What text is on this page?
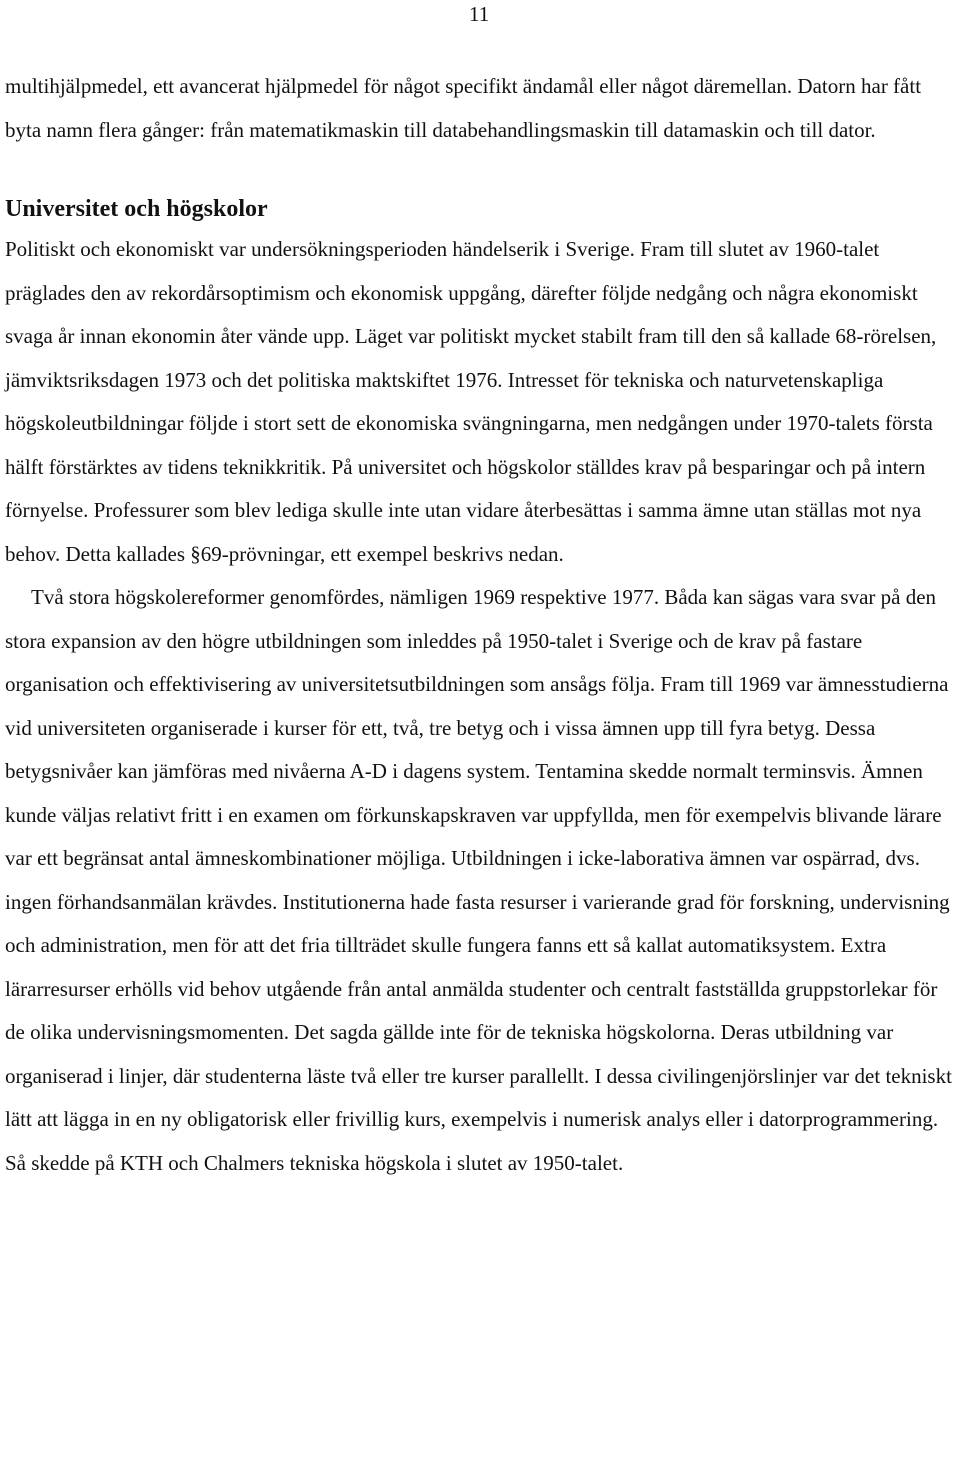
11

multihjälpmedel, ett avancerat hjälpmedel för något specifikt ändamål eller något däremellan. Datorn har fått byta namn flera gånger: från matematikmaskin till databehandlingsmaskin till datamaskin och till dator.

Universitet och högskolor

Politiskt och ekonomiskt var undersökningsperioden händelserik i Sverige. Fram till slutet av 1960-talet präglades den av rekordårsoptimism och ekonomisk uppgång, därefter följde nedgång och några ekonomiskt svaga år innan ekonomin åter vände upp. Läget var politiskt mycket stabilt fram till den så kallade 68-rörelsen, jämviktsriksdagen 1973 och det politiska maktskiftet 1976. Intresset för tekniska och naturvetenskapliga högskoleutbildningar följde i stort sett de ekonomiska svängningarna, men nedgången under 1970-talets första hälft förstärktes av tidens teknikkritik. På universitet och högskolor ställdes krav på besparingar och på intern förnyelse. Professurer som blev lediga skulle inte utan vidare återbesättas i samma ämne utan ställas mot nya behov. Detta kallades §69-prövningar, ett exempel beskrivs nedan.

Två stora högskolereformer genomfördes, nämligen 1969 respektive 1977. Båda kan sägas vara svar på den stora expansion av den högre utbildningen som inleddes på 1950-talet i Sverige och de krav på fastare organisation och effektivisering av universitetsutbildningen som ansågs följa. Fram till 1969 var ämnesstudierna vid universiteten organiserade i kurser för ett, två, tre betyg och i vissa ämnen upp till fyra betyg. Dessa betygsnivåer kan jämföras med nivåerna A-D i dagens system. Tentamina skedde normalt terminsvis. Ämnen kunde väljas relativt fritt i en examen om förkunskapskraven var uppfyllda, men för exempelvis blivande lärare var ett begränsat antal ämneskombinationer möjliga. Utbildningen i icke-laborativa ämnen var ospärrad, dvs. ingen förhandsanmälan krävdes. Institutionerna hade fasta resurser i varierande grad för forskning, undervisning och administration, men för att det fria tillträdet skulle fungera fanns ett så kallat automatiksystem. Extra lärarresurser erhölls vid behov utgående från antal anmälda studenter och centralt fastställda gruppstorlekar för de olika undervisningsmomenten. Det sagda gällde inte för de tekniska högskolorna. Deras utbildning var organiserad i linjer, där studenterna läste två eller tre kurser parallellt. I dessa civilingenjörslinjer var det tekniskt lätt att lägga in en ny obligatorisk eller frivillig kurs, exempelvis i numerisk analys eller i datorprogrammering. Så skedde på KTH och Chalmers tekniska högskola i slutet av 1950-talet.
